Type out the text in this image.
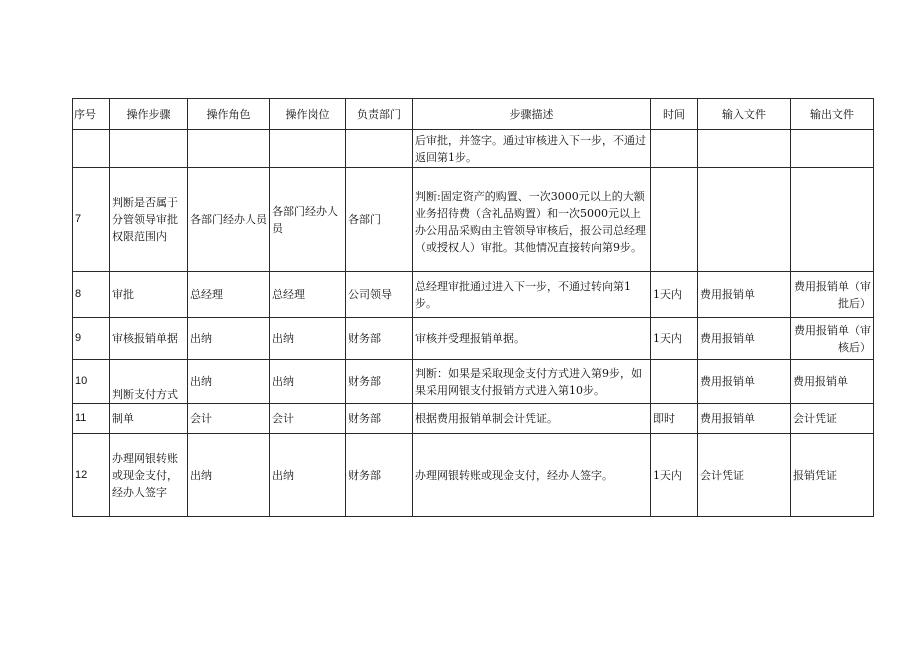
序号	操作步骤	操作角色	操作岗位	负责部门	步骤描述	时间	输入文件	输出文件
					后审批，并签字。通过审核进入下一步，不通过返回第1步。			
7	判断是否属于分管领导审批权限范围内	各部门经办人员	各部门经办人员	各部门	判断:固定资产的购置、一次3000元以上的大额业务招待费（含礼品购置）和一次5000元以上办公用品采购由主管领导审核后，报公司总经理（或授权人）审批。其他情况直接转向第9步。			
8	审批	总经理	总经理	公司领导	总经理审批通过进入下一步，不通过转向第1步。	1天内	费用报销单	费用报销单（审批后）
9	审核报销单据	出纳	出纳	财务部	审核并受理报销单据。	1天内	费用报销单	费用报销单（审核后）
10	判断支付方式	出纳	出纳	财务部	判断：如果是采取现金支付方式进入第9步，如果采用网银支付报销方式进入第10步。		费用报销单	费用报销单
11	制单	会计	会计	财务部	根据费用报销单制会计凭证。	即时	费用报销单	会计凭证
12	办理网银转账或现金支付，经办人签字	出纳	出纳	财务部	办理网银转账或现金支付，经办人签字。	1天内	会计凭证	报销凭证
